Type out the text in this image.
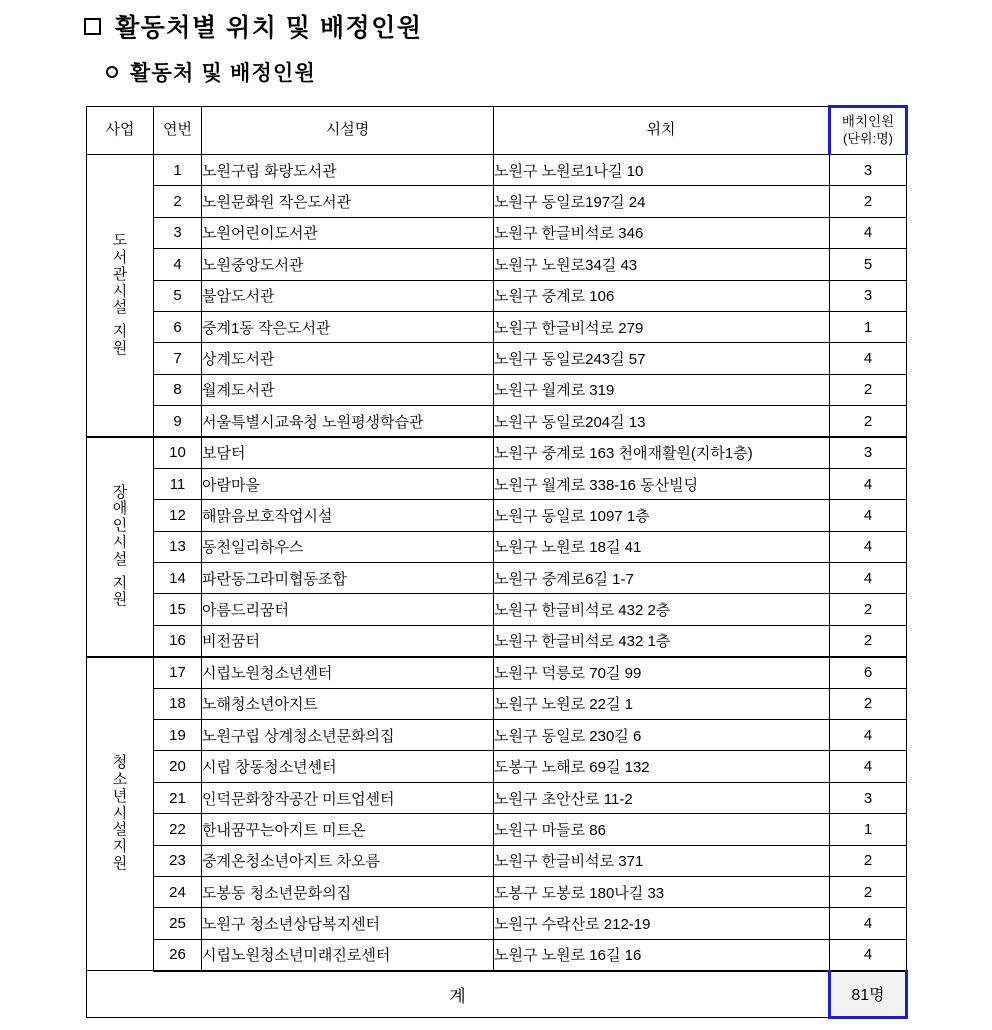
활동처별 위치 및 배정인원
활동처 및 배정인원
사업	연번	시설명	위치	배치인원
(단위:명)

도
서
관
시
설
지
원
	1	노원구립 화랑도서관	노원구 노원로1나길 10	3
	2	노원문화원 작은도서관	노원구 동일로197길 24	2
	3	노원어린이도서관	노원구 한글비석로 346	4
	4	노원중앙도서관	노원구 노원로34길 43	5
	5	불암도서관	노원구 중계로 106	3
	6	중계1동 작은도서관	노원구 한글비석로 279	1
	7	상계도서관	노원구 동일로243길 57	4
	8	월계도서관	노원구 월계로 319	2
	9	서울특별시교육청 노원평생학습관	노원구 동일로204길 13	2

장
애
인
시
설
지
원
	10	보담터	노원구 중계로 163 천애재활원(지하1층)	3
	11	아람마을	노원구 월계로 338-16 동산빌딩	4
	12	해맑음보호작업시설	노원구 동일로 1097 1층	4
	13	동천일리하우스	노원구 노원로 18길 41	4
	14	파란동그라미협동조합	노원구 중계로6길 1-7	4
	15	아름드리꿈터	노원구 한글비석로 432 2층	2
	16	비전꿈터	노원구 한글비석로 432 1층	2

청
소
년
시
설
지
원
	17	시립노원청소년센터	노원구 덕릉로 70길 99	6
	18	노해청소년아지트	노원구 노원로 22길 1	2
	19	노원구립 상계청소년문화의집	노원구 동일로 230길 6	4
	20	시립 창동청소년센터	도봉구 노해로 69길 132	4
	21	인덕문화창작공간 미트업센터	노원구 초안산로 11-2	3
	22	한내꿈꾸는아지트 미트온	노원구 마들로 86	1
	23	중계온청소년아지트 차오름	노원구 한글비석로 371	2
	24	도봉동 청소년문화의집	도봉구 도봉로 180나길 33	2
	25	노원구 청소년상담복지센터	노원구 수락산로 212-19	4
	26	시립노원청소년미래진로센터	노원구 노원로 16길 16	4
계				81명
